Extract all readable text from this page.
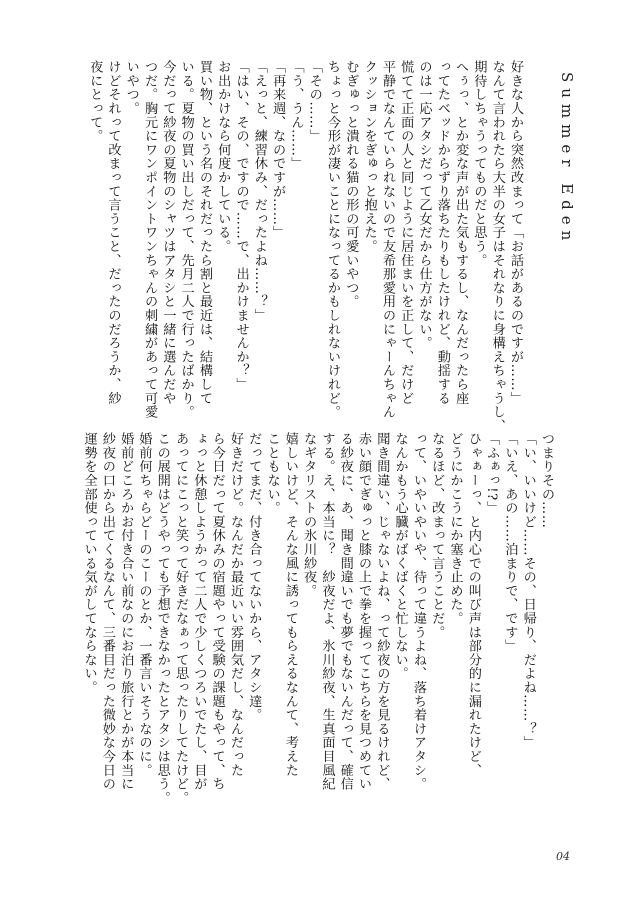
Summer Eden

好きな人から突然改まって「お話があるのですが……」

なんて言われたら大半の女子はそれなりに身構えちゃうし、

期待しちゃうってものだと思う。

へぅっ、とか変な声が出た気もするし、なんだったら座

ってたベッドからずり落ちたりもしたけれど、動揺する

のは一応アタシだって乙女だから仕方がない。

慌てて正面の人と同じように居住まいを正して、だけど

平静でなんていられないので友希那愛用のにゃーんちゃん

クッションをぎゅっと抱えた。

むぎゅっと潰れる猫の形の可愛いやつ。

ちょっと今形が凄いことになってるかもしれないけれど。

「その……」

「う、うん……」

「再来週、なのですが……」

「えっと、練習休み、だったよね……？」

「はい、その、ですので……で、出かけませんか？」

お出かけなら何度かしている。

買い物、という名のそれだったら割と最近は、結構して

いる。夏物の買い出しだって、先月二人で行ったばかり。

今だって紗夜の夏物のシャツはアタシと一緒に選んだや

つだ。胸元にワンポイントワンちゃんの刺繍があって可愛

いやつ。

けどそれって改まって言うこと、だったのだろうか、紗

夜にとって。

つまりその……

「い、いいけど……その、日帰り、だよね……？」

「いえ、あの……泊まりで、です」

「ふぁっ!?」

ひゃぁーっ、と内心での叫び声は部分的に漏れたけど、

どうにかこうにか塞き止めた。

なるほど、改まって言うことだ。

って、いやいやいや、待って違うよね、落ち着けアタシ。

なんかもう心臓がばくばくと忙しない。

聞き間違い、じゃないよね、って紗夜の方を見るけれど、

赤い顔でぎゅっと膝の上で拳を握ってこちらを見つめてい

る紗夜に、あ、聞き間違いでも夢でもないんだって、確信

する。え、本当に？　紗夜だよ、氷川紗夜、生真面目風紀

なギタリストの氷川紗夜。

嬉しいけど、そんな風に誘ってもらえるなんて、考えた

こともない。

だってまだ、付き合ってないから、アタシ達。

好きだけど。なんだか最近いい雰囲気だし、なんだった

ら今日だって夏休みの宿題やって受験の課題もやって、ち

ょっと休憩しようかって二人で少しくつろいでたし、目が

あってにこっと笑って好きだなぁって思ったりしてたけど。

この展開はどうやっても予想できなかったとアタシは思う。

婚前何ちゃらどーのこーのとか、一番言いそうなのに。

婚前どころかお付き合い前なのにお泊り旅行とかが本当に

紗夜の口から出てくるなんて、三番目だった微妙な今日の

運勢を全部使っている気がしてならない。

04
